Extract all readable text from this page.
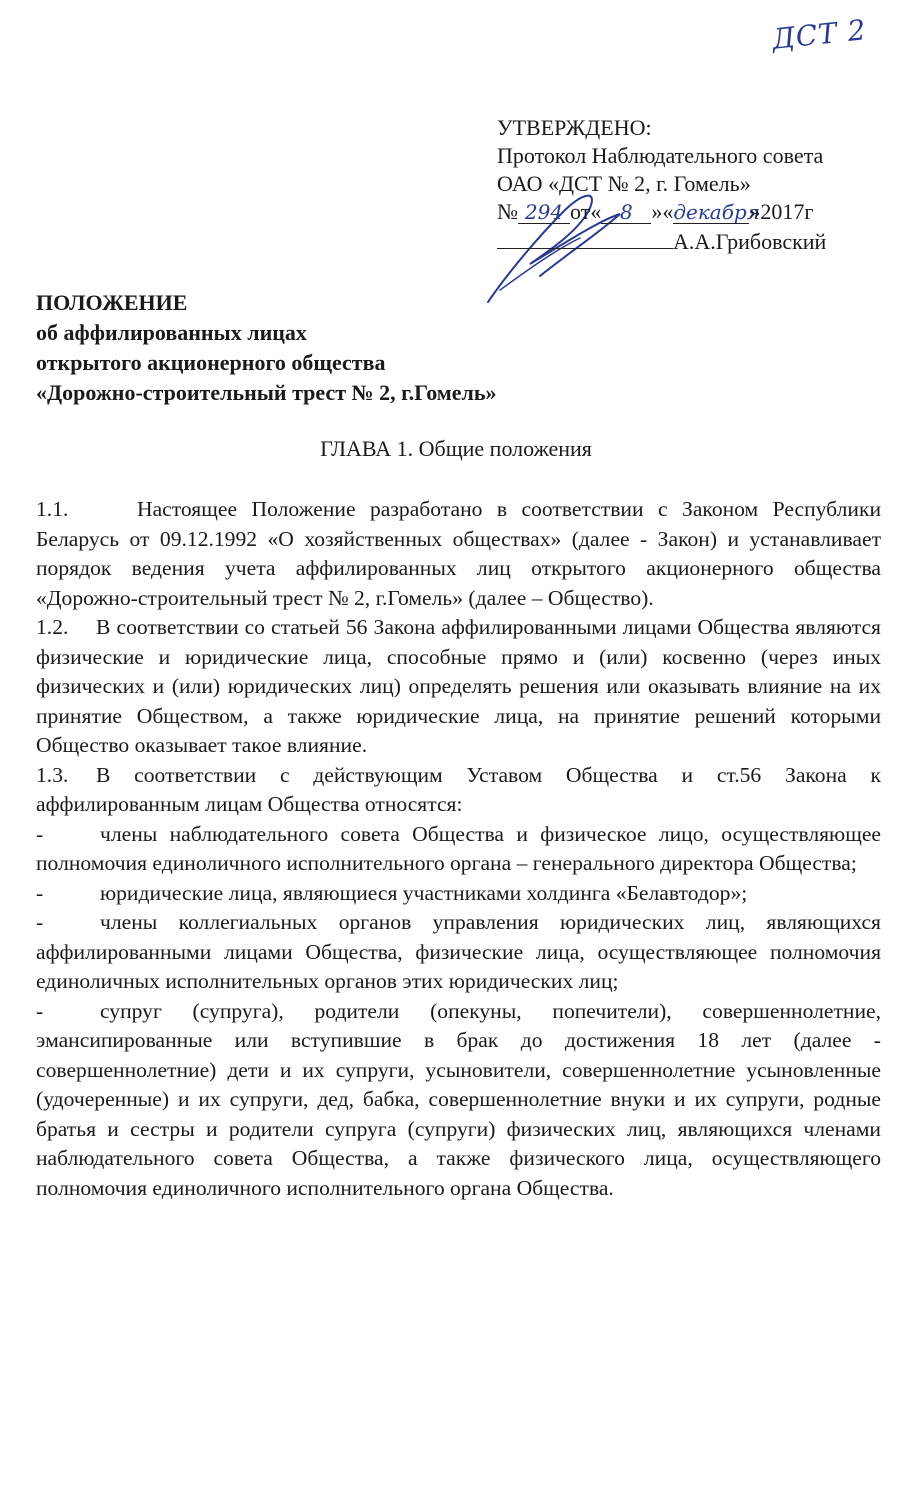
ДСТ 2
УТВЕРЖДЕНО:
Протокол Наблюдательного совета
ОАО «ДСТ № 2, г. Гомель»
№ 294 от« 8 »«декабря»2017г
А.А.Грибовский
ПОЛОЖЕНИЕ
об аффилированных лицах
открытого акционерного общества
«Дорожно-строительный трест № 2, г.Гомель»
ГЛАВА 1. Общие положения
1.1.	Настоящее Положение разработано в соответствии с Законом Республики Беларусь от 09.12.1992 «О хозяйственных обществах» (далее - Закон) и устанавливает порядок ведения учета аффилированных лиц открытого акционерного общества «Дорожно-строительный трест № 2, г.Гомель» (далее – Общество).
1.2. В соответствии со статьей 56 Закона аффилированными лицами Общества являются физические и юридические лица, способные прямо и (или) косвенно (через иных физических и (или) юридических лиц) определять решения или оказывать влияние на их принятие Обществом, а также юридические лица, на принятие решений которыми Общество оказывает такое влияние.
1.3. В соответствии с действующим Уставом Общества и ст.56 Закона к аффилированным лицам Общества относятся:
-	члены наблюдательного совета Общества и физическое лицо, осуществляющее полномочия единоличного исполнительного органа – генерального директора Общества;
-	юридические лица, являющиеся участниками холдинга «Белавтодор»;
-	члены коллегиальных органов управления юридических лиц, являющихся аффилированными лицами Общества, физические лица, осуществляющее полномочия единоличных исполнительных органов этих юридических лиц;
-	супруг (супруга), родители (опекуны, попечители), совершеннолетние, эмансипированные или вступившие в брак до достижения 18 лет (далее - совершеннолетние) дети и их супруги, усыновители, совершеннолетние усыновленные (удочеренные) и их супруги, дед, бабка, совершеннолетние внуки и их супруги, родные братья и сестры и родители супруга (супруги) физических лиц, являющихся членами наблюдательного совета Общества, а также физического лица, осуществляющего полномочия единоличного исполнительного органа Общества.
